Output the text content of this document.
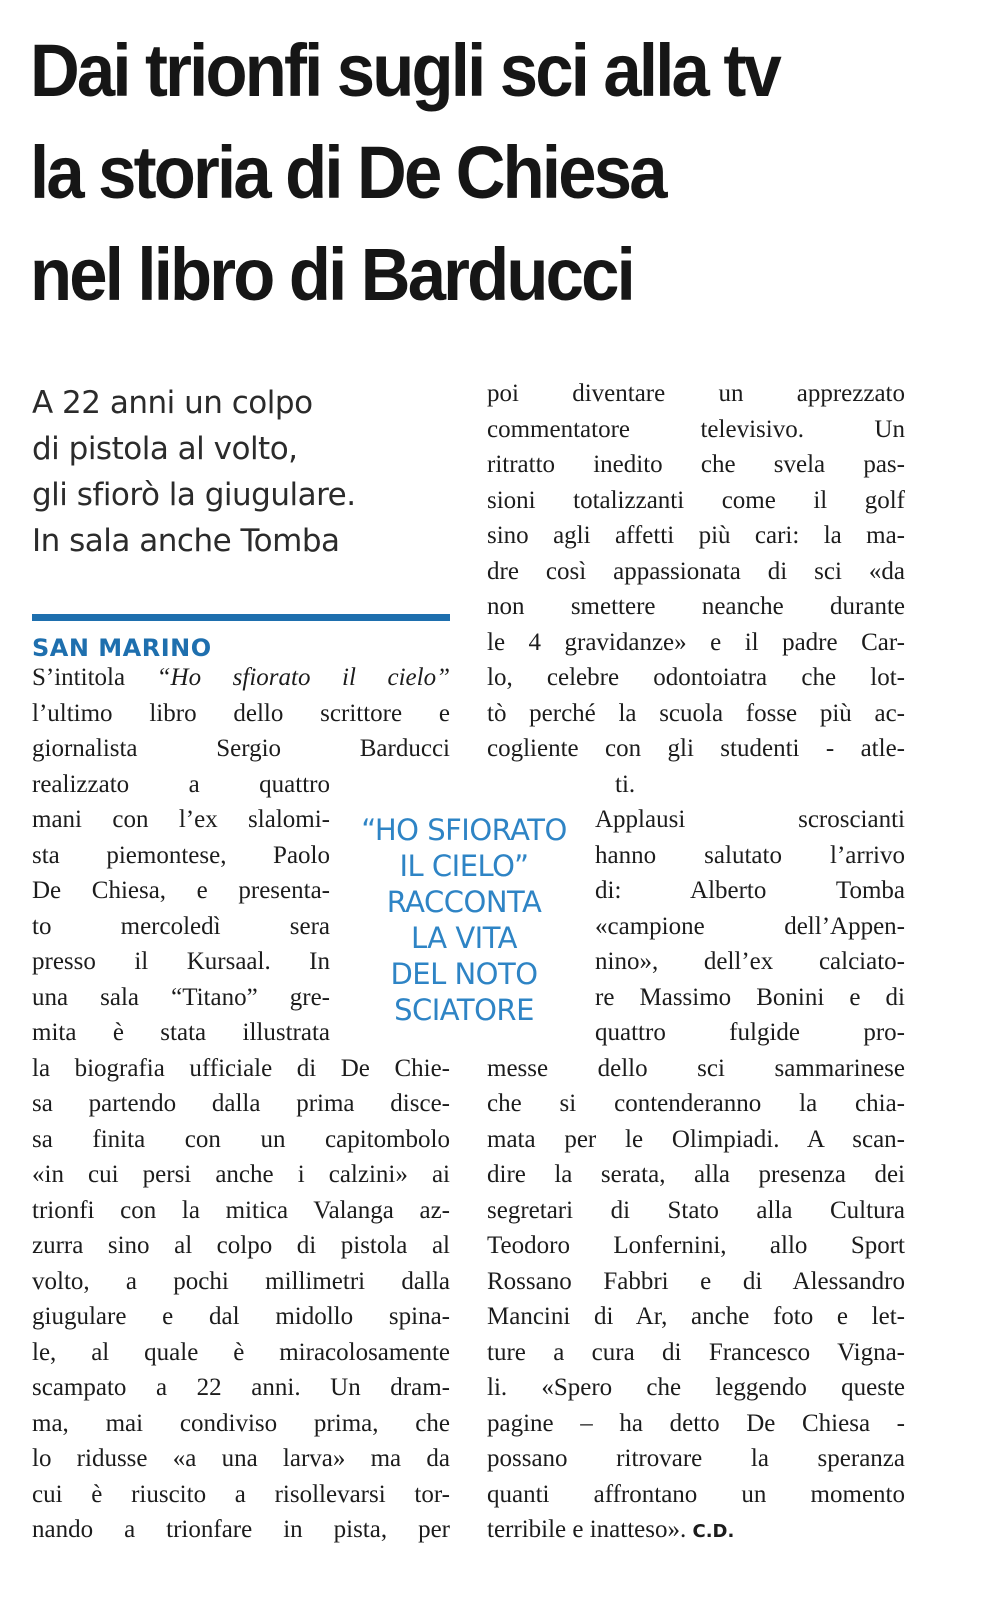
Dai trionfi sugli sci alla tv
la storia di De Chiesa
nel libro di Barducci
A 22 anni un colpo
di pistola al volto,
gli sfiorò la giugulare.
In sala anche Tomba
SAN MARINO
S’intitola “Ho sfiorato il cielo”
l’ultimo libro dello scrittore e
giornalista Sergio Barducci
realizzato a quattro
mani con l’ex slalomi-
sta piemontese, Paolo
De Chiesa, e presenta-
to mercoledì sera
presso il Kursaal. In
una sala “Titano” gre-
mita è stata illustrata
la biografia ufficiale di De Chie-
sa partendo dalla prima disce-
sa finita con un capitombolo
«in cui persi anche i calzini» ai
trionfi con la mitica Valanga az-
zurra sino al colpo di pistola al
volto, a pochi millimetri dalla
giugulare e dal midollo spina-
le, al quale è miracolosamente
scampato a 22 anni. Un dram-
ma, mai condiviso prima, che
lo ridusse «a una larva» ma da
cui è riuscito a risollevarsi tor-
nando a trionfare in pista, per
“HO SFIORATO
IL CIELO”
RACCONTA
LA VITA
DEL NOTO
SCIATORE
poi diventare un apprezzato
commentatore televisivo. Un
ritratto inedito che svela pas-
sioni totalizzanti come il golf
sino agli affetti più cari: la ma-
dre così appassionata di sci «da
non smettere neanche durante
le 4 gravidanze» e il padre Car-
lo, celebre odontoiatra che lot-
tò perché la scuola fosse più ac-
cogliente con gli studenti - atle-
ti.
Applausi scroscianti
hanno salutato l’arrivo
di: Alberto Tomba
«campione dell’Appen-
nino», dell’ex calciato-
re Massimo Bonini e di
quattro fulgide pro-
messe dello sci sammarinese
che si contenderanno la chia-
mata per le Olimpiadi. A scan-
dire la serata, alla presenza dei
segretari di Stato alla Cultura
Teodoro Lonfernini, allo Sport
Rossano Fabbri e di Alessandro
Mancini di Ar, anche foto e let-
ture a cura di Francesco Vigna-
li. «Spero che leggendo queste
pagine – ha detto De Chiesa -
possano ritrovare la speranza
quanti affrontano un momento
terribile e inatteso». C.D.
